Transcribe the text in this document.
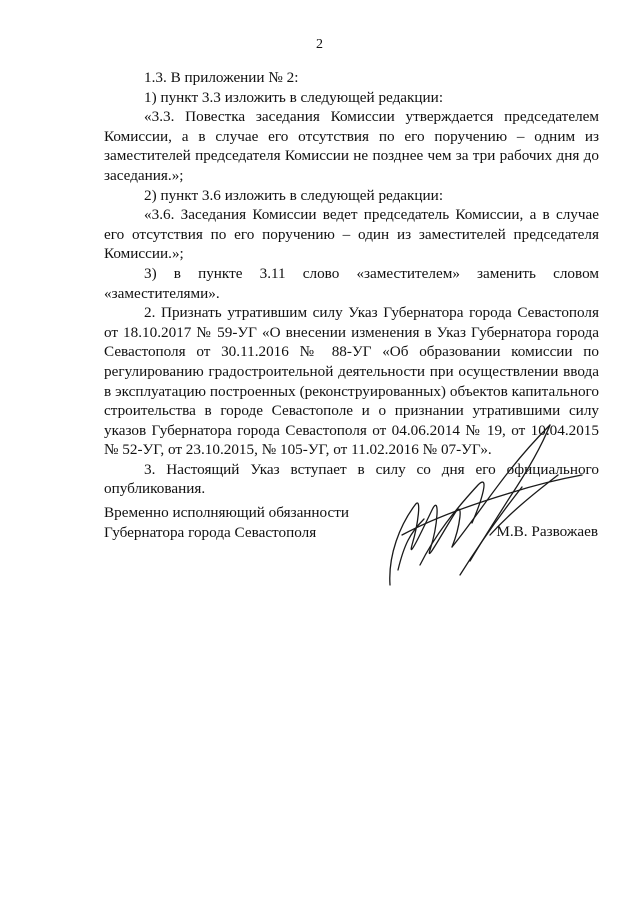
2

1.3. В приложении № 2:

1) пункт 3.3 изложить в следующей редакции:

«3.3. Повестка заседания Комиссии утверждается председателем Комиссии, а в случае его отсутствия по его поручению – одним из заместителей председателя Комиссии не позднее чем за три рабочих дня до заседания.»;

2) пункт 3.6 изложить в следующей редакции:

«3.6. Заседания Комиссии ведет председатель Комиссии, а в случае его отсутствия по его поручению – один из заместителей председателя Комиссии.»;

3) в пункте 3.11 слово «заместителем» заменить словом «заместителями».

2. Признать утратившим силу Указ Губернатора города Севастополя от 18.10.2017 № 59-УГ «О внесении изменения в Указ Губернатора города Севастополя от 30.11.2016 № 88-УГ «Об образовании комиссии по регулированию градостроительной деятельности при осуществлении ввода в эксплуатацию построенных (реконструированных) объектов капитального строительства в городе Севастополе и о признании утратившими силу указов Губернатора города Севастополя от 04.06.2014 № 19, от 10.04.2015 № 52-УГ, от 23.10.2015, № 105-УГ, от 11.02.2016 № 07-УГ».

3. Настоящий Указ вступает в силу со дня его официального опубликования.

Временно исполняющий обязанности
Губернатора города Севастополя	М.В. Развожаев
